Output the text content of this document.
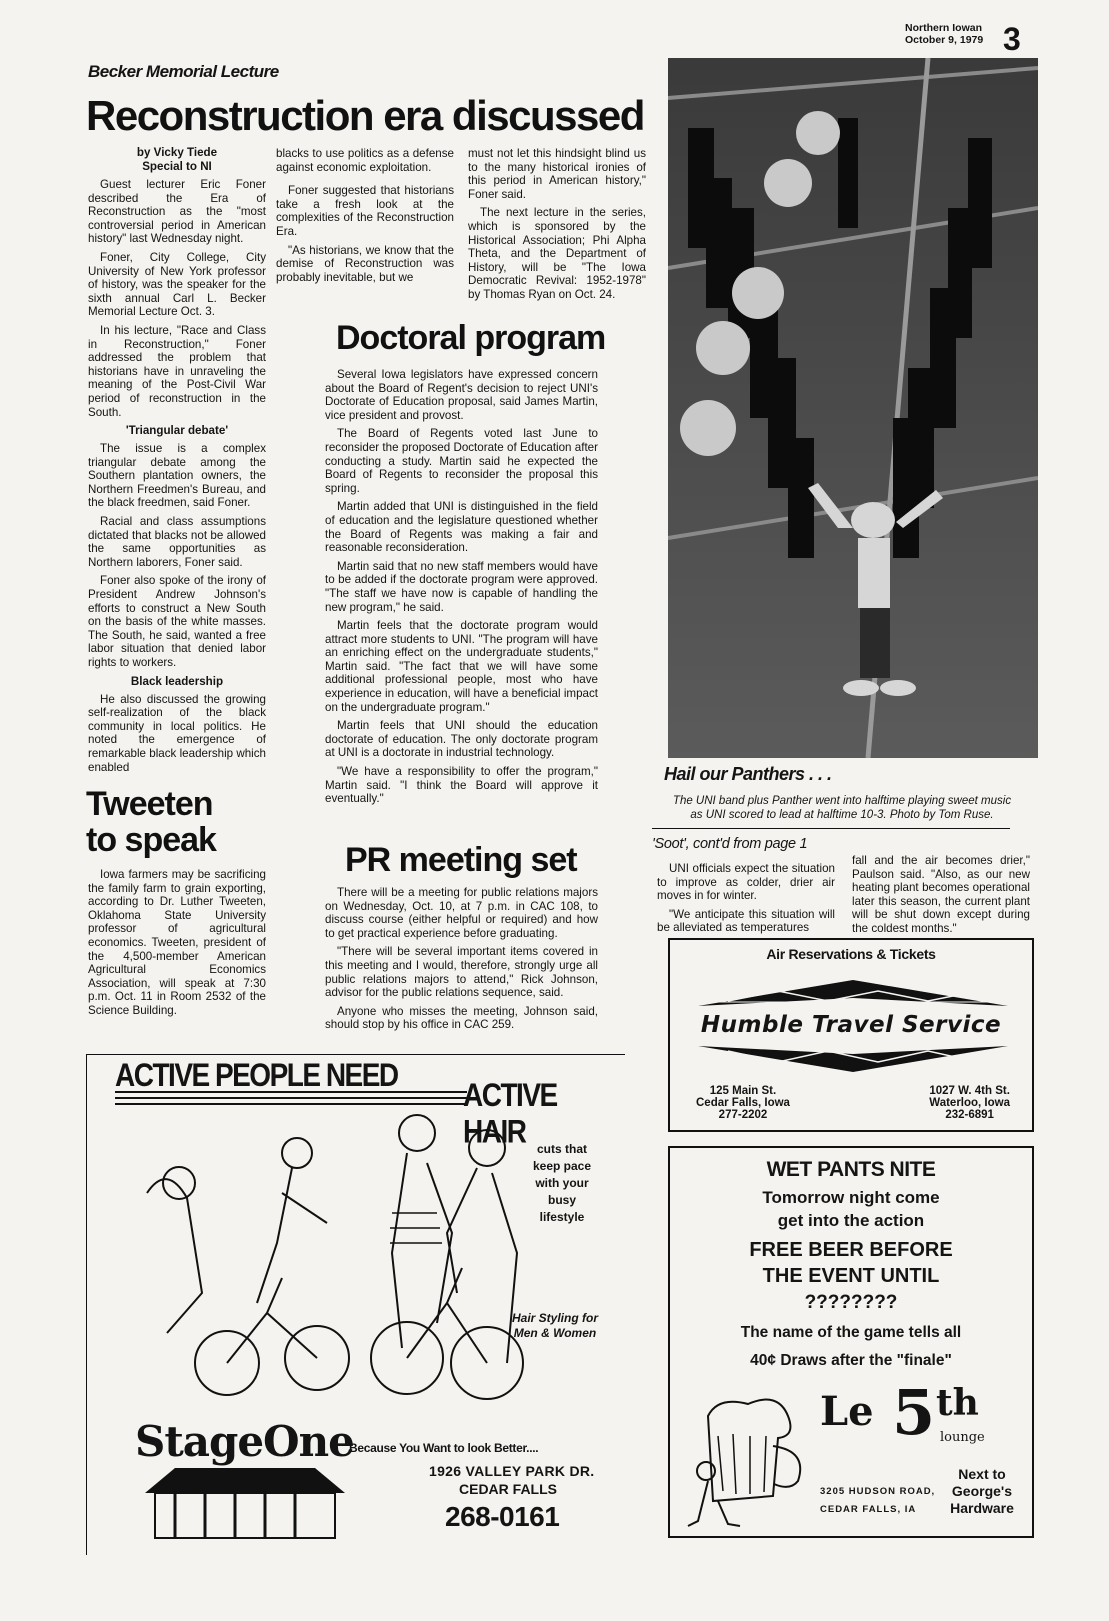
Northern Iowan
October 9, 1979 3
Becker Memorial Lecture
Reconstruction era discussed
by Vicky Tiede
Special to NI

Guest lecturer Eric Foner described the Era of Reconstruction as the "most controversial period in American history" last Wednesday night.

Foner, City College, City University of New York professor of history, was the speaker for the sixth annual Carl L. Becker Memorial Lecture Oct. 3.

In his lecture, "Race and Class in Reconstruction," Foner addressed the problem that historians have in unraveling the meaning of the Post-Civil War period of reconstruction in the South.

'Triangular debate'

The issue is a complex triangular debate among the Southern plantation owners, the Northern Freedmen's Bureau, and the black freedmen, said Foner.

Racial and class assumptions dictated that blacks not be allowed the same opportunities as Northern laborers, Foner said.

Foner also spoke of the irony of President Andrew Johnson's efforts to construct a New South on the basis of the white masses. The South, he said, wanted a free labor situation that denied labor rights to workers.

Black leadership

He also discussed the growing self-realization of the black community in local politics. He noted the emergence of remarkable black leadership which enabled

blacks to use politics as a defense against economic exploitation.

Foner suggested that historians take a fresh look at the complexities of the Reconstruction Era.

"As historians, we know that the demise of Reconstruction was probably inevitable, but we

must not let this hindsight blind us to the many historical ironies of this period in American history," Foner said.

The next lecture in the series, which is sponsored by the Historical Association; Phi Alpha Theta, and the Department of History, will be "The Iowa Democratic Revival: 1952-1978" by Thomas Ryan on Oct. 24.

Doctoral program

Several Iowa legislators have expressed concern about the Board of Regent's decision to reject UNI's Doctorate of Education proposal, said James Martin, vice president and provost.

The Board of Regents voted last June to reconsider the proposed Doctorate of Education after conducting a study. Martin said he expected the Board of Regents to reconsider the proposal this spring.

Martin added that UNI is distinguished in the field of education and the legislature questioned whether the Board of Regents was making a fair and reasonable reconsideration.

Martin said that no new staff members would have to be added if the doctorate program were approved. "The staff we have now is capable of handling the new program," he said.

Martin feels that the doctorate program would attract more students to UNI. "The program will have an enriching effect on the undergraduate students," Martin said. "The fact that we will have some additional professional people, most who have experience in education, will have a beneficial impact on the undergraduate program."

Martin feels that UNI should the education doctorate of education. The only doctorate program at UNI is a doctorate in industrial technology.

"We have a responsibility to offer the program," Martin said. "I think the Board will approve it eventually."

Tweeten
to speak

Iowa farmers may be sacrificing the family farm to grain exporting, according to Dr. Luther Tweeten, Oklahoma State University professor of agricultural economics. Tweeten, president of the 4,500-member American Agricultural Economics Association, will speak at 7:30 p.m. Oct. 11 in Room 2532 of the Science Building.

PR meeting set

There will be a meeting for public relations majors on Wednesday, Oct. 10, at 7 p.m. in CAC 108, to discuss course (either helpful or required) and how to get practical experience before graduating.

"There will be several important items covered in this meeting and I would, therefore, strongly urge all public relations majors to attend," Rick Johnson, advisor for the public relations sequence, said.

Anyone who misses the meeting, Johnson said, should stop by his office in CAC 259.

Hail our Panthers . . .
The UNI band plus Panther went into halftime playing sweet music as UNI scored to lead at halftime 10-3. Photo by Tom Ruse.
'Soot', cont'd from page 1

UNI officials expect the situation to improve as colder, drier air moves in for winter.

"We anticipate this situation will be alleviated as temperatures

fall and the air becomes drier," Paulson said. "Also, as our new heating plant becomes operational later this season, the current plant will be shut down except during the coldest months."

Air Reservations & Tickets
Humble Travel Service
125 Main St.
Cedar Falls, Iowa
277-2202
1027 W. 4th St.
Waterloo, Iowa
232-6891
WET PANTS NITE
Tomorrow night come
get into the action
FREE BEER BEFORE
THE EVENT UNTIL
????????
The name of the game tells all
40¢ Draws after the "finale"
Le 5 th
lounge
3205 HUDSON ROAD,
CEDAR FALLS, IA
Next to George's Hardware
ACTIVE PEOPLE NEED
ACTIVE HAIR cuts that keep pace with your busy lifestyle
Hair Styling for Men & Women
StageOne
Because You Want to look Better....
1926 VALLEY PARK DR.
CEDAR FALLS
268-0161
